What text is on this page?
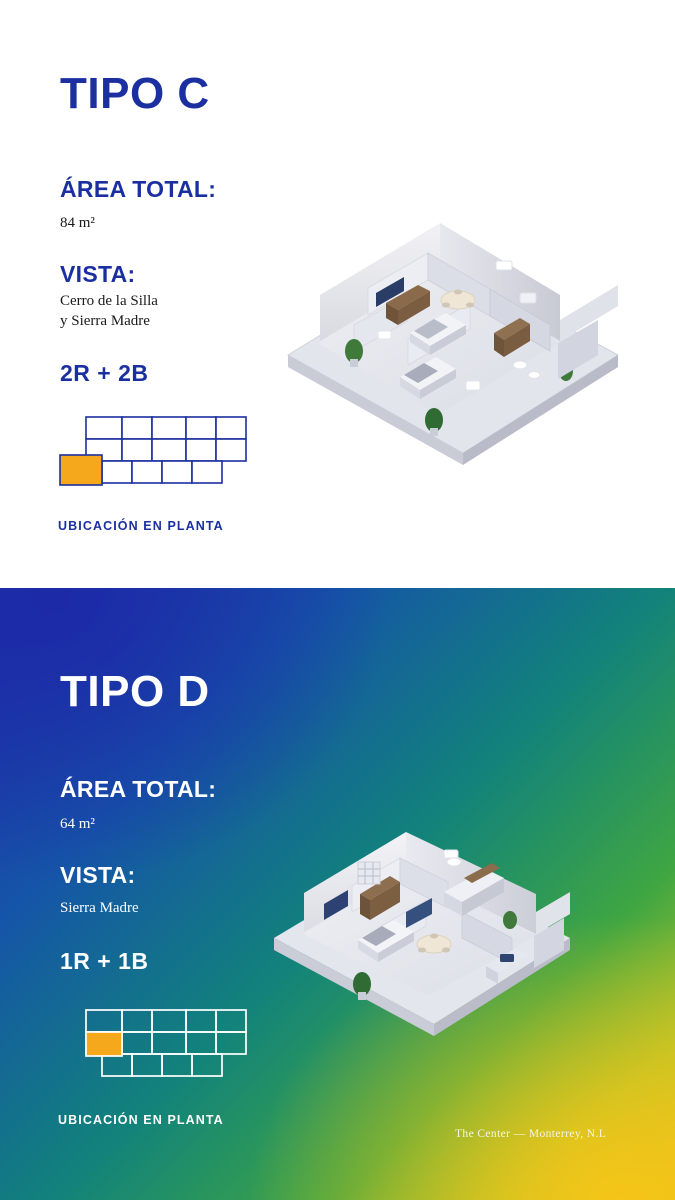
TIPO C
ÁREA TOTAL:
84 m²
VISTA:
Cerro de la Silla
y Sierra Madre
2R + 2B
UBICACIÓN EN PLANTA
TIPO D
ÁREA TOTAL:
64 m²
VISTA:
Sierra Madre
1R + 1B
UBICACIÓN EN PLANTA
The Center — Monterrey, N.L
